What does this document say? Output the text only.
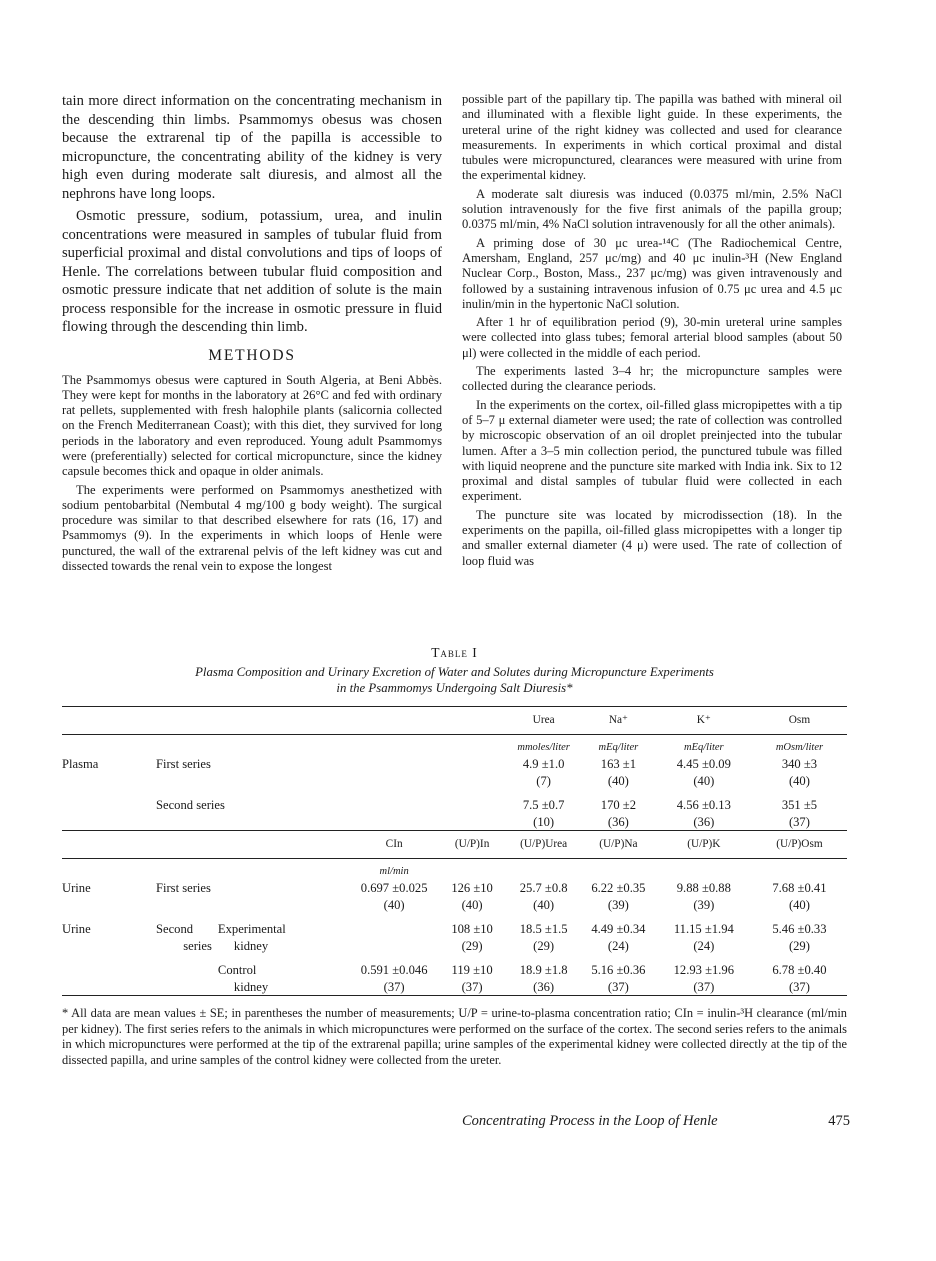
tain more direct information on the concentrating mechanism in the descending thin limbs. Psammomys obesus was chosen because the extrarenal tip of the papilla is accessible to micropuncture, the concentrating ability of the kidney is very high even during moderate salt diuresis, and almost all the nephrons have long loops.

Osmotic pressure, sodium, potassium, urea, and inulin concentrations were measured in samples of tubular fluid from superficial proximal and distal convolutions and tips of loops of Henle. The correlations between tubular fluid composition and osmotic pressure indicate that net addition of solute is the main process responsible for the increase in osmotic pressure in fluid flowing through the descending thin limb.

METHODS

The Psammomys obesus were captured in South Algeria, at Beni Abbès. They were kept for months in the laboratory at 26°C and fed with ordinary rat pellets, supplemented with fresh halophile plants (salicornia collected on the French Mediterranean Coast); with this diet, they survived for long periods in the laboratory and even reproduced. Young adult Psammomys were (preferentially) selected for cortical micropuncture, since the kidney capsule becomes thick and opaque in older animals.

The experiments were performed on Psammomys anesthetized with sodium pentobarbital (Nembutal 4 mg/100 g body weight). The surgical procedure was similar to that described elsewhere for rats (16, 17) and Psammomys (9). In the experiments in which loops of Henle were punctured, the wall of the extrarenal pelvis of the left kidney was cut and dissected towards the renal vein to expose the longest

possible part of the papillary tip. The papilla was bathed with mineral oil and illuminated with a flexible light guide. In these experiments, the ureteral urine of the right kidney was collected and used for clearance measurements. In experiments in which cortical proximal and distal tubules were micropunctured, clearances were measured with urine from the experimental kidney.

A moderate salt diuresis was induced (0.0375 ml/min, 2.5% NaCl solution intravenously for the five first animals of the papilla group; 0.0375 ml/min, 4% NaCl solution intravenously for all the other animals).

A priming dose of 30 μc urea-¹⁴C (The Radiochemical Centre, Amersham, England, 257 μc/mg) and 40 μc inulin-³H (New England Nuclear Corp., Boston, Mass., 237 μc/mg) was given intravenously and followed by a sustaining intravenous infusion of 0.75 μc urea and 4.5 μc inulin/min in the hypertonic NaCl solution.

After 1 hr of equilibration period (9), 30-min ureteral urine samples were collected into glass tubes; femoral arterial blood samples (about 50 μl) were collected in the middle of each period.

The experiments lasted 3–4 hr; the micropuncture samples were collected during the clearance periods.

In the experiments on the cortex, oil-filled glass micropipettes with a tip of 5–7 μ external diameter were used; the rate of collection was controlled by microscopic observation of an oil droplet preinjected into the tubular lumen. After a 3–5 min collection period, the punctured tubule was filled with liquid neoprene and the puncture site marked with India ink. Six to 12 proximal and distal samples of tubular fluid were collected in each experiment.

The puncture site was located by microdissection (18). In the experiments on the papilla, oil-filled glass micropipettes with a longer tip and smaller external diameter (4 μ) were used. The rate of collection of loop fluid was

Table I
Plasma Composition and Urinary Excretion of Water and Solutes during Micropuncture Experiments
in the Psammomys Undergoing Salt Diuresis*
					Urea	Na⁺	K⁺	Osm
					mmoles/liter	mEq/liter	mEq/liter	mOsm/liter
Plasma	First series				4.9 ±1.0	163 ±1	4.45 ±0.09	340 ±3
					(7)	(40)	(40)	(40)

	Second series				7.5 ±0.7	170 ±2	4.56 ±0.13	351 ±5
					(10)	(36)	(36)	(37)
			CIn	(U/P)In	(U/P)Urea	(U/P)Na	(U/P)K	(U/P)Osm
			ml/min					
Urine	First series		0.697 ±0.025	126 ±10	25.7 ±0.8	6.22 ±0.35	9.88 ±0.88	7.68 ±0.41
			(40)	(40)	(40)	(39)	(39)	(40)

Urine	Second	Experimental		108 ±10	18.5 ±1.5	4.49 ±0.34	11.15 ±1.94	5.46 ±0.33
	series	kidney		(29)	(29)	(24)	(24)	(29)

		Control	0.591 ±0.046	119 ±10	18.9 ±1.8	5.16 ±0.36	12.93 ±1.96	6.78 ±0.40
		kidney	(37)	(37)	(36)	(37)	(37)	(37)

* All data are mean values ± SE; in parentheses the number of measurements; U/P = urine-to-plasma concentration ratio; CIn = inulin-³H clearance (ml/min per kidney). The first series refers to the animals in which micropunctures were performed on the surface of the cortex. The second series refers to the animals in which micropunctures were performed at the tip of the extrarenal papilla; urine samples of the experimental kidney were collected directly at the tip of the dissected papilla, and urine samples of the control kidney were collected from the ureter.

Concentrating Process in the Loop of Henle	475
